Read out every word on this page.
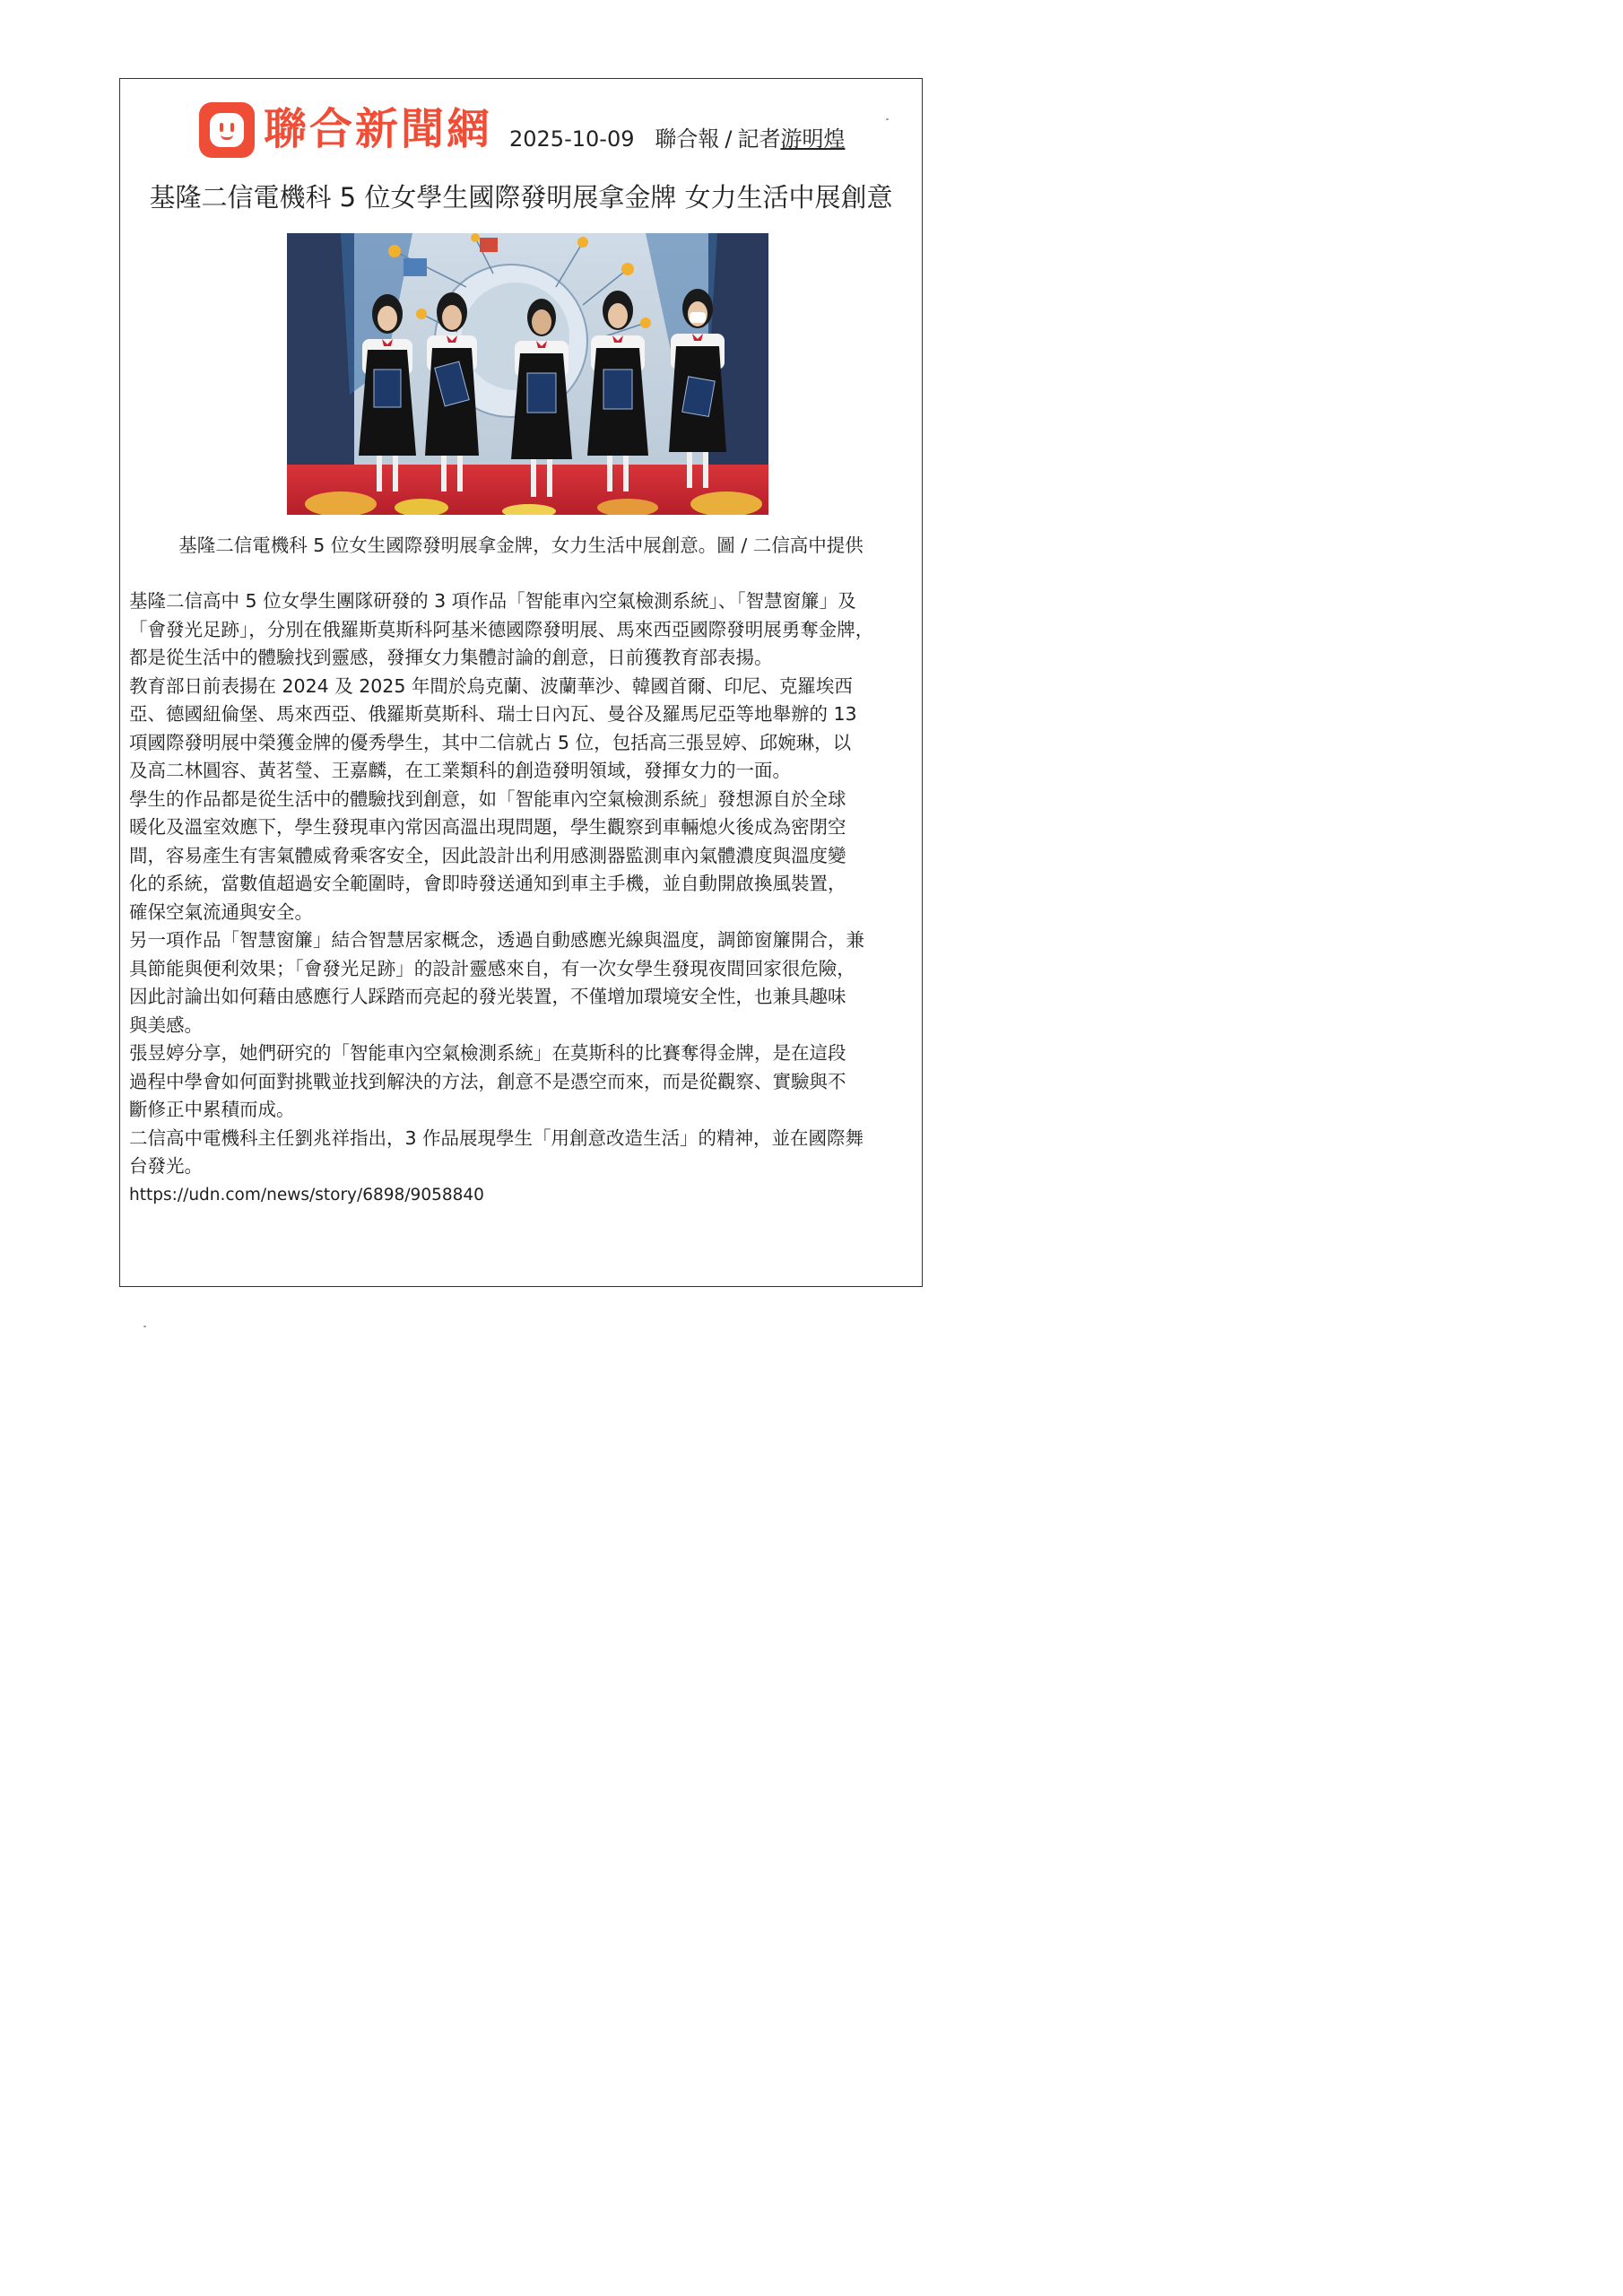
聯合新聞網 2025-10-09 聯合報 / 記者游明煌
基隆二信電機科 5 位女學生國際發明展拿金牌 女力生活中展創意
基隆二信電機科 5 位女生國際發明展拿金牌，女力生活中展創意。圖 / 二信高中提供

基隆二信高中 5 位女學生團隊研發的 3 項作品「智能車內空氣檢測系統」、「智慧窗簾」及

「會發光足跡」，分別在俄羅斯莫斯科阿基米德國際發明展、馬來西亞國際發明展勇奪金牌，

都是從生活中的體驗找到靈感，發揮女力集體討論的創意，日前獲教育部表揚。

教育部日前表揚在 2024 及 2025 年間於烏克蘭、波蘭華沙、韓國首爾、印尼、克羅埃西

亞、德國紐倫堡、馬來西亞、俄羅斯莫斯科、瑞士日內瓦、曼谷及羅馬尼亞等地舉辦的 13

項國際發明展中榮獲金牌的優秀學生，其中二信就占 5 位，包括高三張昱婷、邱婉琳，以

及高二林圓容、黃茗瑩、王嘉麟，在工業類科的創造發明領域，發揮女力的一面。

學生的作品都是從生活中的體驗找到創意，如「智能車內空氣檢測系統」發想源自於全球

暖化及溫室效應下，學生發現車內常因高溫出現問題，學生觀察到車輛熄火後成為密閉空

間，容易產生有害氣體威脅乘客安全，因此設計出利用感測器監測車內氣體濃度與溫度變

化的系統，當數值超過安全範圍時，會即時發送通知到車主手機，並自動開啟換風裝置，

確保空氣流通與安全。

另一項作品「智慧窗簾」結合智慧居家概念，透過自動感應光線與溫度，調節窗簾開合，兼

具節能與便利效果；「會發光足跡」的設計靈感來自，有一次女學生發現夜間回家很危險，

因此討論出如何藉由感應行人踩踏而亮起的發光裝置，不僅增加環境安全性，也兼具趣味

與美感。

張昱婷分享，她們研究的「智能車內空氣檢測系統」在莫斯科的比賽奪得金牌，是在這段

過程中學會如何面對挑戰並找到解決的方法，創意不是憑空而來，而是從觀察、實驗與不

斷修正中累積而成。

二信高中電機科主任劉兆祥指出，3 作品展現學生「用創意改造生活」的精神，並在國際舞

台發光。

https://udn.com/news/story/6898/9058840
